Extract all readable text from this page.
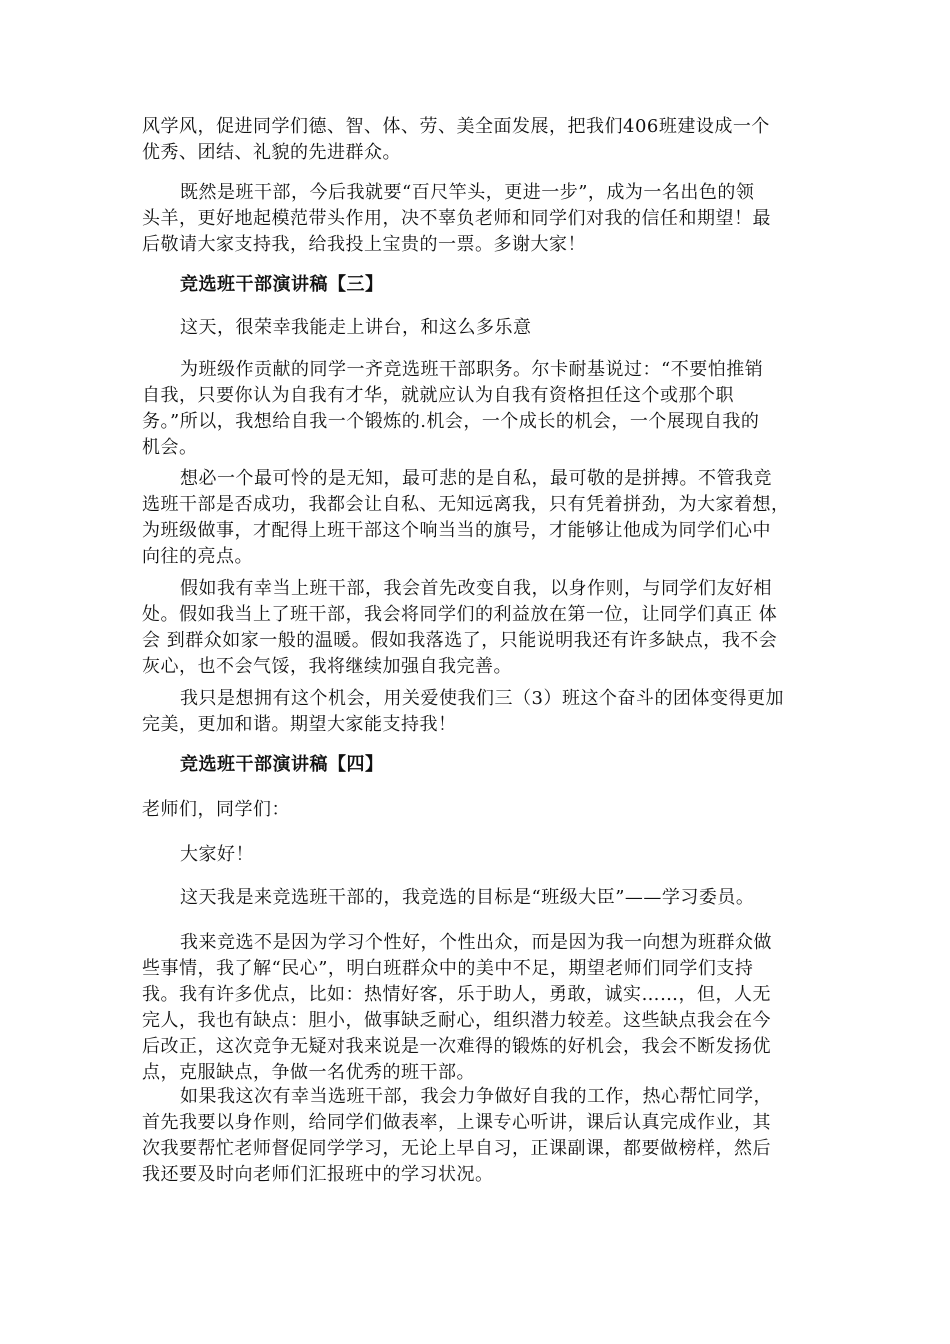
风学风，促进同学们德、智、体、劳、美全面发展，把我们406班建设成一个
优秀、团结、礼貌的先进群众。
既然是班干部，今后我就要“百尺竿头，更进一步”，成为一名出色的领
头羊，更好地起模范带头作用，决不辜负老师和同学们对我的信任和期望！最
后敬请大家支持我，给我投上宝贵的一票。多谢大家！
竞选班干部演讲稿【三】
这天，很荣幸我能走上讲台，和这么多乐意
为班级作贡献的同学一齐竞选班干部职务。尔卡耐基说过：“不要怕推销
自我，只要你认为自我有才华，就就应认为自我有资格担任这个或那个职
务。”所以，我想给自我一个锻炼的.机会，一个成长的机会，一个展现自我的
机会。
想必一个最可怜的是无知，最可悲的是自私，最可敬的是拼搏。不管我竞
选班干部是否成功，我都会让自私、无知远离我，只有凭着拼劲，为大家着想，
为班级做事，才配得上班干部这个响当当的旗号，才能够让他成为同学们心中
向往的亮点。
假如我有幸当上班干部，我会首先改变自我，以身作则，与同学们友好相
处。假如我当上了班干部，我会将同学们的利益放在第一位，让同学们真正 体
会 到群众如家一般的温暖。假如我落选了，只能说明我还有许多缺点，我不会
灰心，也不会气馁，我将继续加强自我完善。
我只是想拥有这个机会，用关爱使我们三（3）班这个奋斗的团体变得更加
完美，更加和谐。期望大家能支持我！
竞选班干部演讲稿【四】
老师们，同学们：
大家好！
这天我是来竞选班干部的，我竞选的目标是“班级大臣”——学习委员。
我来竞选不是因为学习个性好，个性出众，而是因为我一向想为班群众做
些事情，我了解“民心”，明白班群众中的美中不足，期望老师们同学们支持
我。我有许多优点，比如：热情好客，乐于助人，勇敢，诚实……，但，人无
完人，我也有缺点：胆小，做事缺乏耐心，组织潜力较差。这些缺点我会在今
后改正，这次竞争无疑对我来说是一次难得的锻炼的好机会，我会不断发扬优
点，克服缺点，争做一名优秀的班干部。
如果我这次有幸当选班干部，我会力争做好自我的工作，热心帮忙同学，
首先我要以身作则，给同学们做表率，上课专心听讲，课后认真完成作业，其
次我要帮忙老师督促同学学习，无论上早自习，正课副课，都要做榜样，然后
我还要及时向老师们汇报班中的学习状况。
